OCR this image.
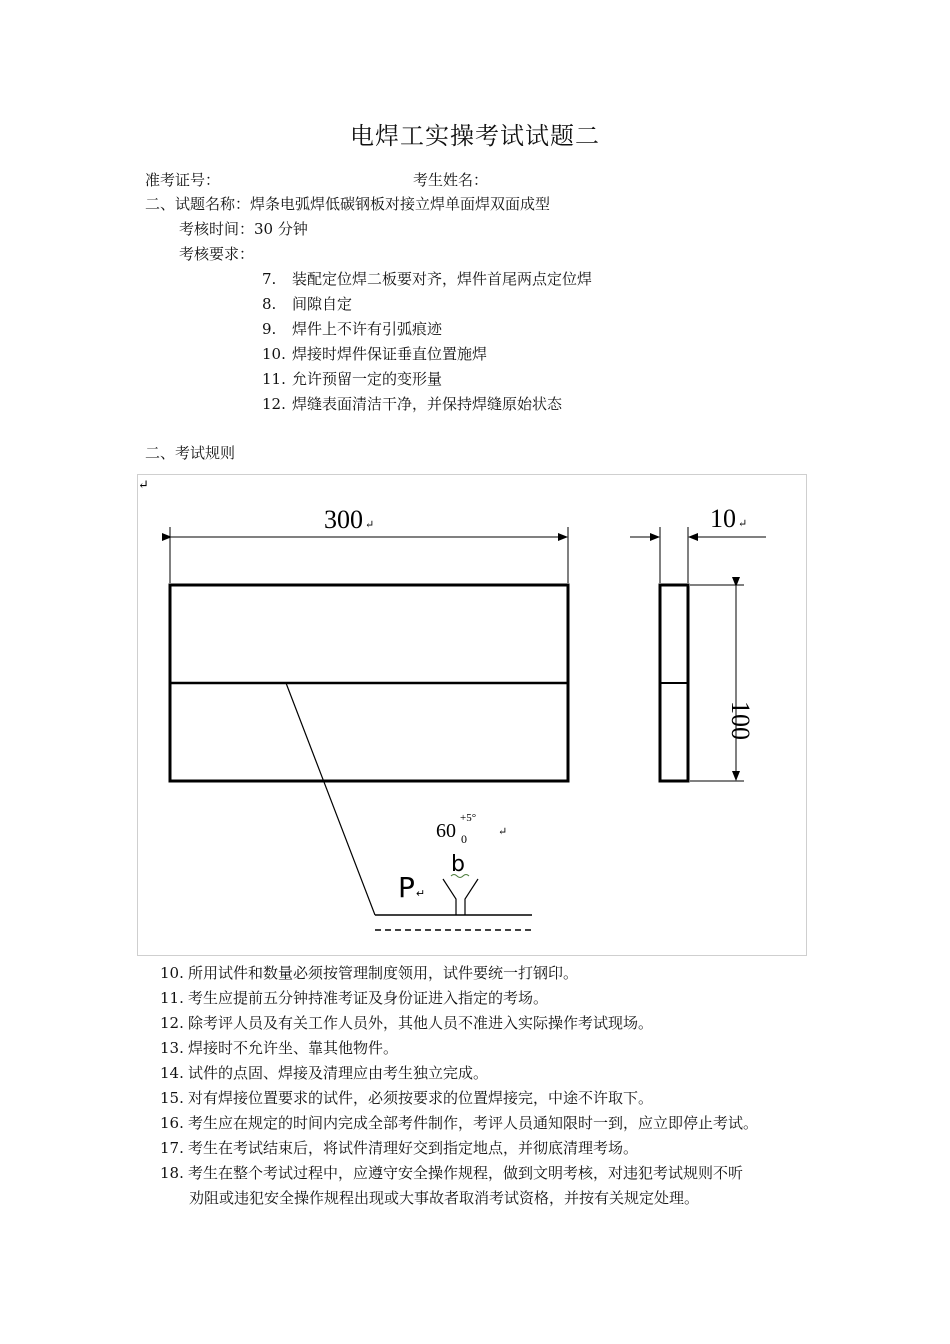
电焊工实操考试试题二
准考证号：	考生姓名：
二、试题名称：焊条电弧焊低碳钢板对接立焊单面焊双面成型
考核时间：30 分钟
考核要求：
7. 装配定位焊二板要对齐，焊件首尾两点定位焊
8. 间隙自定
9. 焊件上不许有引弧痕迹
10. 焊接时焊件保证垂直位置施焊
11. 允许预留一定的变形量
12. 焊缝表面清洁干净，并保持焊缝原始状态
二、考试规则
↵
300 ↵	10 ↵
100
P↵
b
60
+5°
0
↵
10. 所用试件和数量必须按管理制度领用，试件要统一打钢印。
11. 考生应提前五分钟持准考证及身份证进入指定的考场。
12. 除考评人员及有关工作人员外，其他人员不准进入实际操作考试现场。
13. 焊接时不允许坐、靠其他物件。
14. 试件的点固、焊接及清理应由考生独立完成。
15. 对有焊接位置要求的试件，必须按要求的位置焊接完，中途不许取下。
16. 考生应在规定的时间内完成全部考件制作，考评人员通知限时一到，应立即停止考试。
17. 考生在考试结束后，将试件清理好交到指定地点，并彻底清理考场。
18. 考生在整个考试过程中，应遵守安全操作规程，做到文明考核，对违犯考试规则不听
劝阻或违犯安全操作规程出现或大事故者取消考试资格，并按有关规定处理。
